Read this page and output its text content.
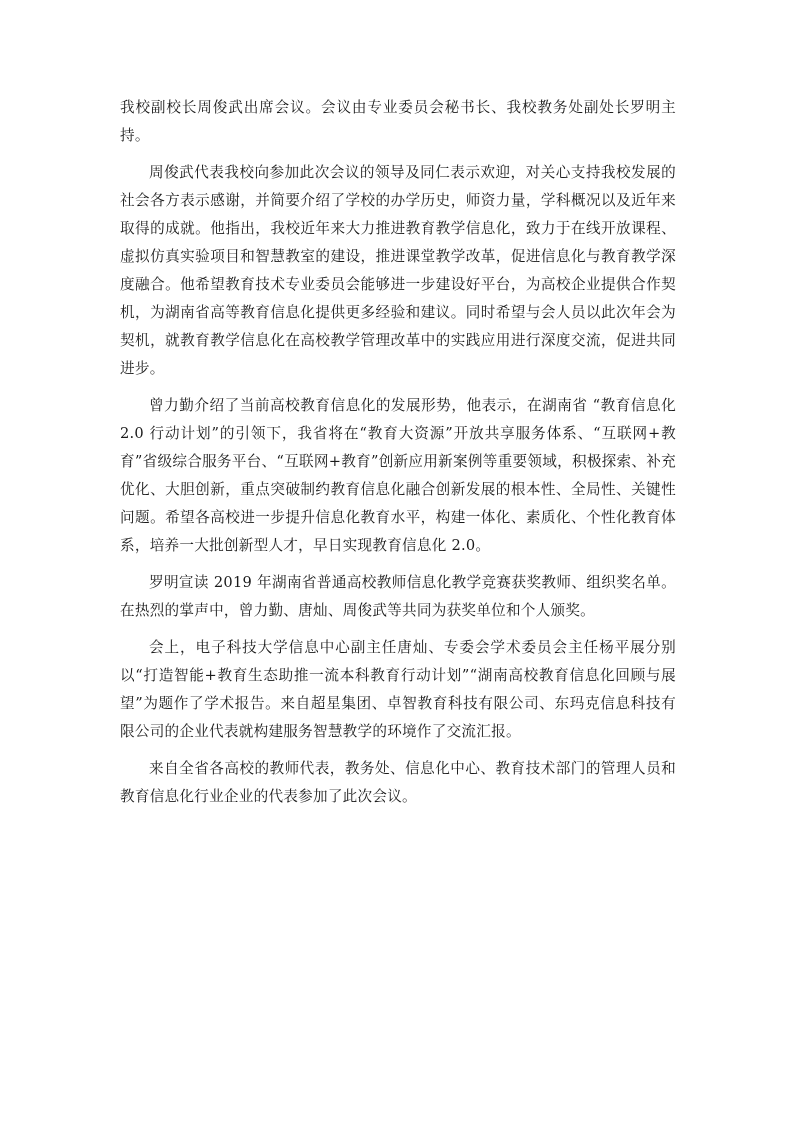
我校副校长周俊武出席会议。会议由专业委员会秘书长、我校教务处副处长罗明主持。

周俊武代表我校向参加此次会议的领导及同仁表示欢迎，对关心支持我校发展的社会各方表示感谢，并简要介绍了学校的办学历史，师资力量，学科概况以及近年来取得的成就。他指出，我校近年来大力推进教育教学信息化，致力于在线开放课程、虚拟仿真实验项目和智慧教室的建设，推进课堂教学改革，促进信息化与教育教学深度融合。他希望教育技术专业委员会能够进一步建设好平台，为高校企业提供合作契机，为湖南省高等教育信息化提供更多经验和建议。同时希望与会人员以此次年会为契机，就教育教学信息化在高校教学管理改革中的实践应用进行深度交流，促进共同进步。

曾力勤介绍了当前高校教育信息化的发展形势，他表示，在湖南省 “教育信息化 2.0 行动计划”的引领下，我省将在“教育大资源”开放共享服务体系、“互联网+教育”省级综合服务平台、“互联网+教育”创新应用新案例等重要领域，积极探索、补充优化、大胆创新，重点突破制约教育信息化融合创新发展的根本性、全局性、关键性问题。希望各高校进一步提升信息化教育水平，构建一体化、素质化、个性化教育体系，培养一大批创新型人才，早日实现教育信息化 2.0。

罗明宣读 2019 年湖南省普通高校教师信息化教学竞赛获奖教师、组织奖名单。在热烈的掌声中，曾力勤、唐灿、周俊武等共同为获奖单位和个人颁奖。

会上，电子科技大学信息中心副主任唐灿、专委会学术委员会主任杨平展分别以“打造智能+教育生态助推一流本科教育行动计划”“湖南高校教育信息化回顾与展望”为题作了学术报告。来自超星集团、卓智教育科技有限公司、东玛克信息科技有限公司的企业代表就构建服务智慧教学的环境作了交流汇报。

来自全省各高校的教师代表，教务处、信息化中心、教育技术部门的管理人员和教育信息化行业企业的代表参加了此次会议。
